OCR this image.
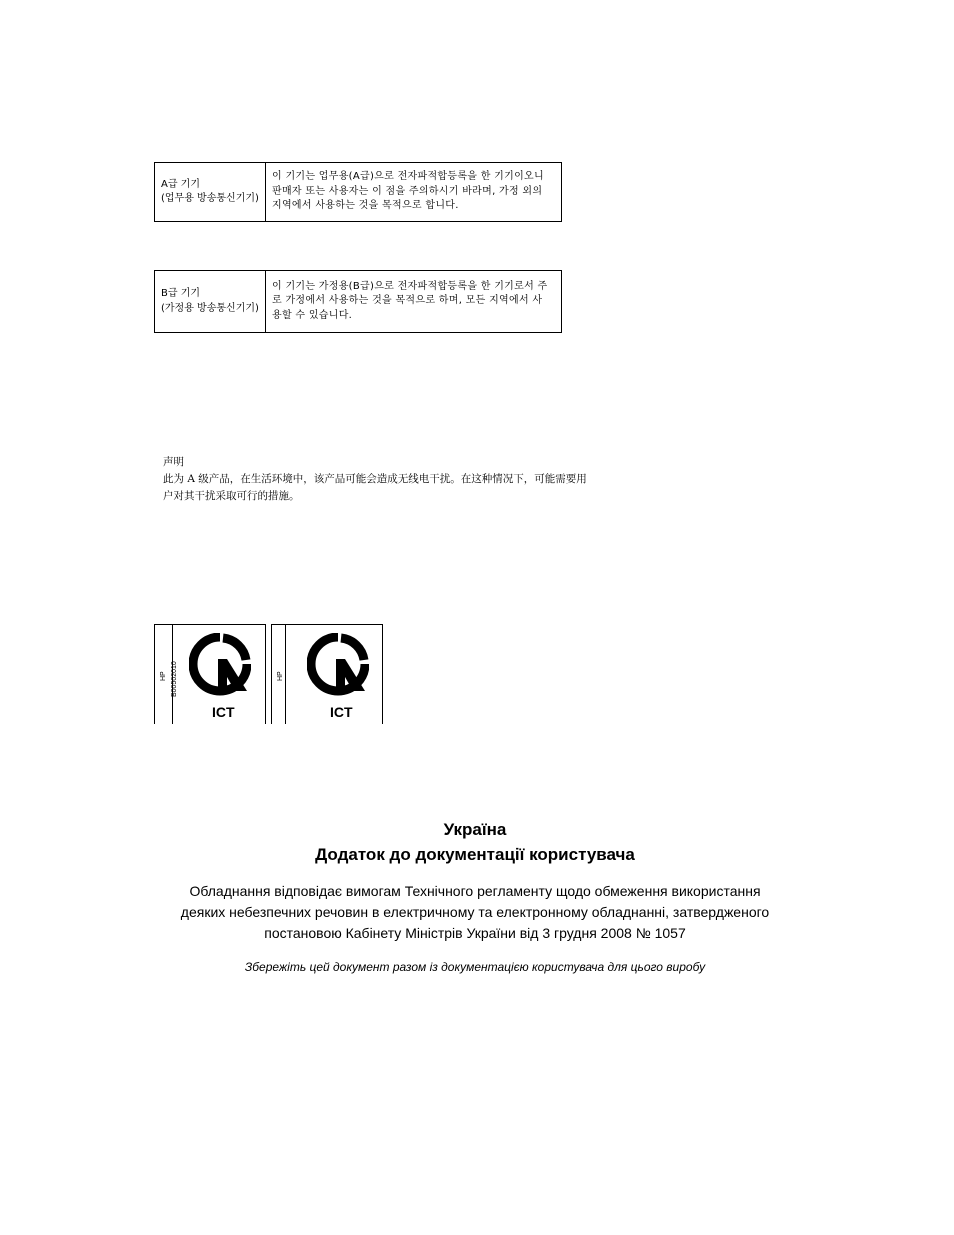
A급 기기
(업무용 방송통신기기)

이 기기는 업무용(A급)으로 전자파적합등록을 한 기기이오니
판매자 또는 사용자는 이 점을 주의하시기 바라며, 가정 외의
지역에서 사용하는 것을 목적으로 합니다.
B급 기기
(가정용 방송통신기기)

이 기기는 가정용(B급)으로 전자파적합등록을 한 기기로서 주
로 가정에서 사용하는 것을 목적으로 하며, 모든 지역에서 사
용할 수 있습니다.
声明
此为 A 级产品，在生活环境中，该产品可能会造成无线电干扰。在这种情况下，可能需要用
户对其干扰采取可行的措施。
HP B00502010
ICT
HP
ICT
Україна
Додаток до документації користувача
Обладнання відповідає вимогам Технічного регламенту щодо обмеження використання
деяких небезпечних речовин в електричному та електронному обладнанні, затвердженого
постановою Кабінету Міністрів України від 3 грудня 2008 № 1057
Збережіть цей документ разом із документацією користувача для цього виробу
